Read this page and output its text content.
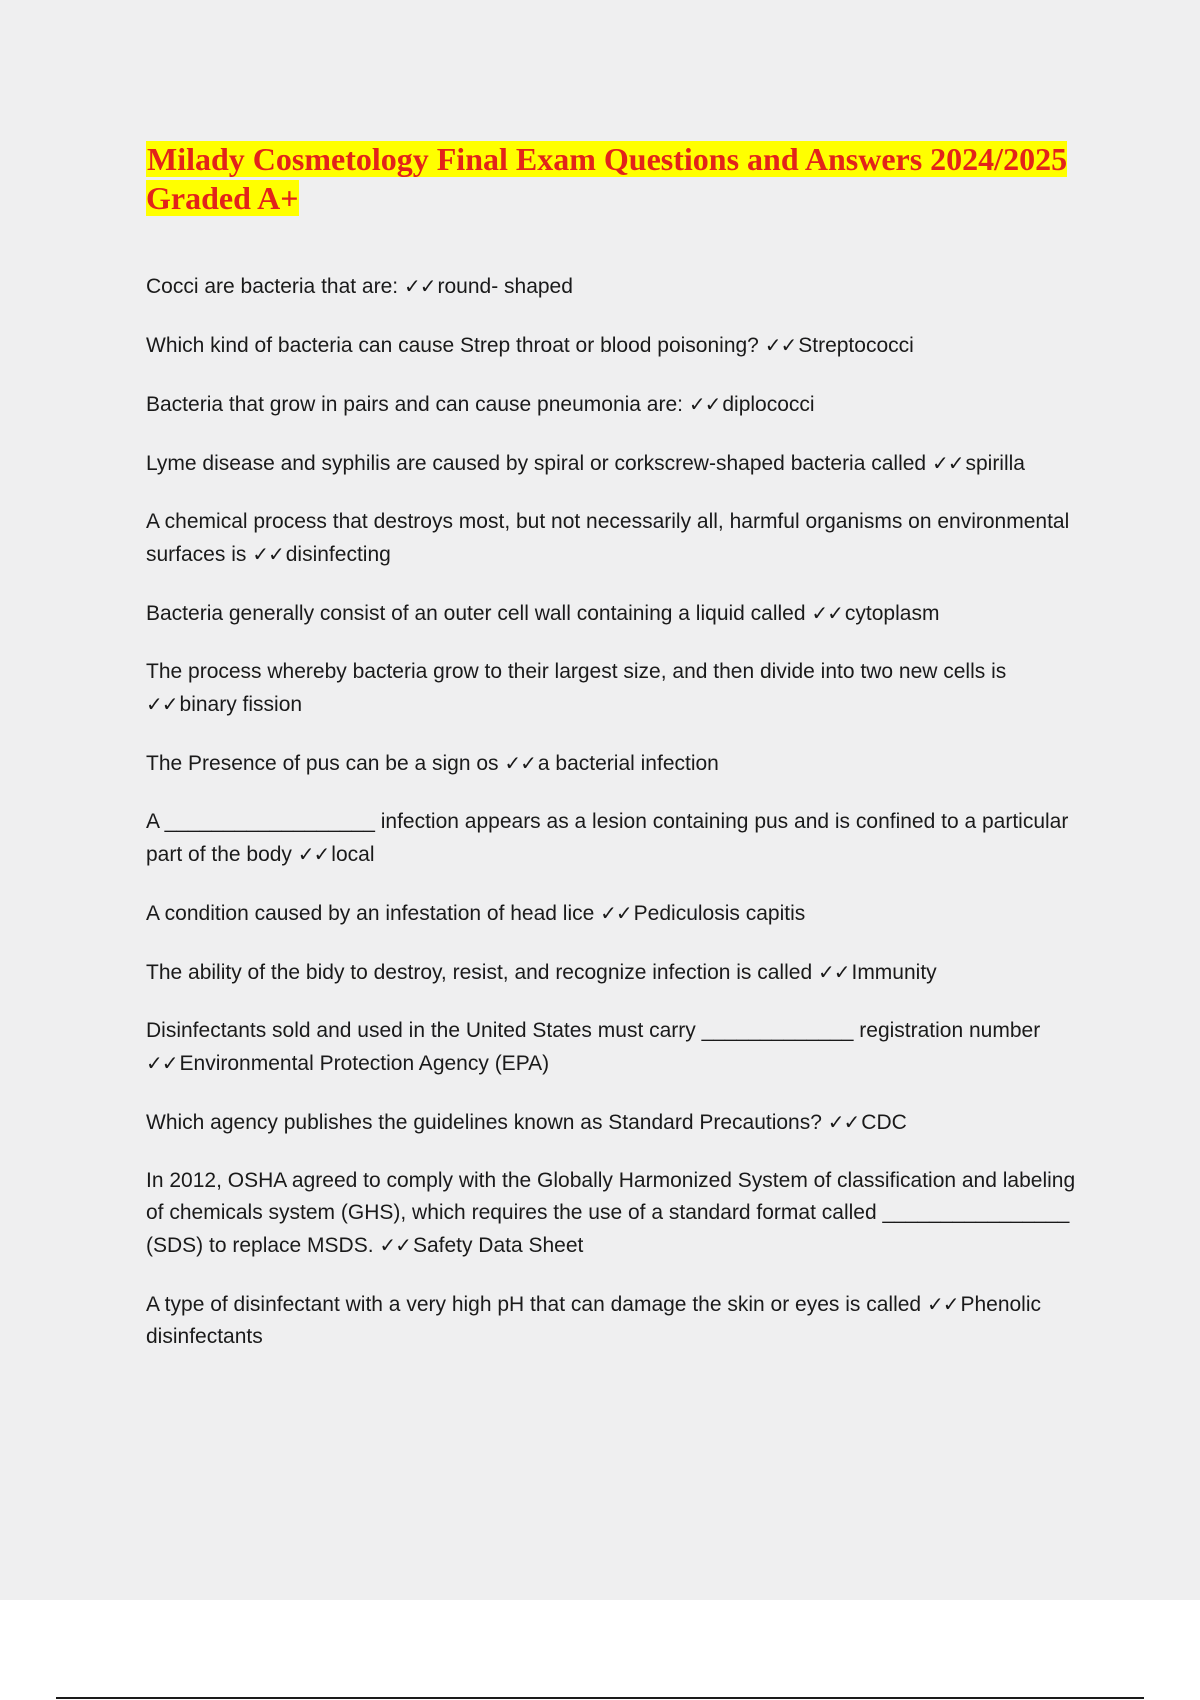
Milady Cosmetology Final Exam Questions and Answers 2024/2025 Graded A+
Cocci are bacteria that are: ✓✓round- shaped
Which kind of bacteria can cause Strep throat or blood poisoning? ✓✓Streptococci
Bacteria that grow in pairs and can cause pneumonia are: ✓✓diplococci
Lyme disease and syphilis are caused by spiral or corkscrew-shaped bacteria called ✓✓spirilla
A chemical process that destroys most, but not necessarily all, harmful organisms on environmental surfaces is ✓✓disinfecting
Bacteria generally consist of an outer cell wall containing a liquid called ✓✓cytoplasm
The process whereby bacteria grow to their largest size, and then divide into two new cells is ✓✓binary fission
The Presence of pus can be a sign os ✓✓a bacterial infection
A __________________ infection appears as a lesion containing pus and is confined to a particular part of the body ✓✓local
A condition caused by an infestation of head lice ✓✓Pediculosis capitis
The ability of the bidy to destroy, resist, and recognize infection is called ✓✓Immunity
Disinfectants sold and used in the United States must carry _____________ registration number ✓✓Environmental Protection Agency (EPA)
Which agency publishes the guidelines known as Standard Precautions? ✓✓CDC
In 2012, OSHA agreed to comply with the Globally Harmonized System of classification and labeling of chemicals system (GHS), which requires the use of a standard format called ________________ (SDS) to replace MSDS. ✓✓Safety Data Sheet
A type of disinfectant with a very high pH that can damage the skin or eyes is called ✓✓Phenolic disinfectants
